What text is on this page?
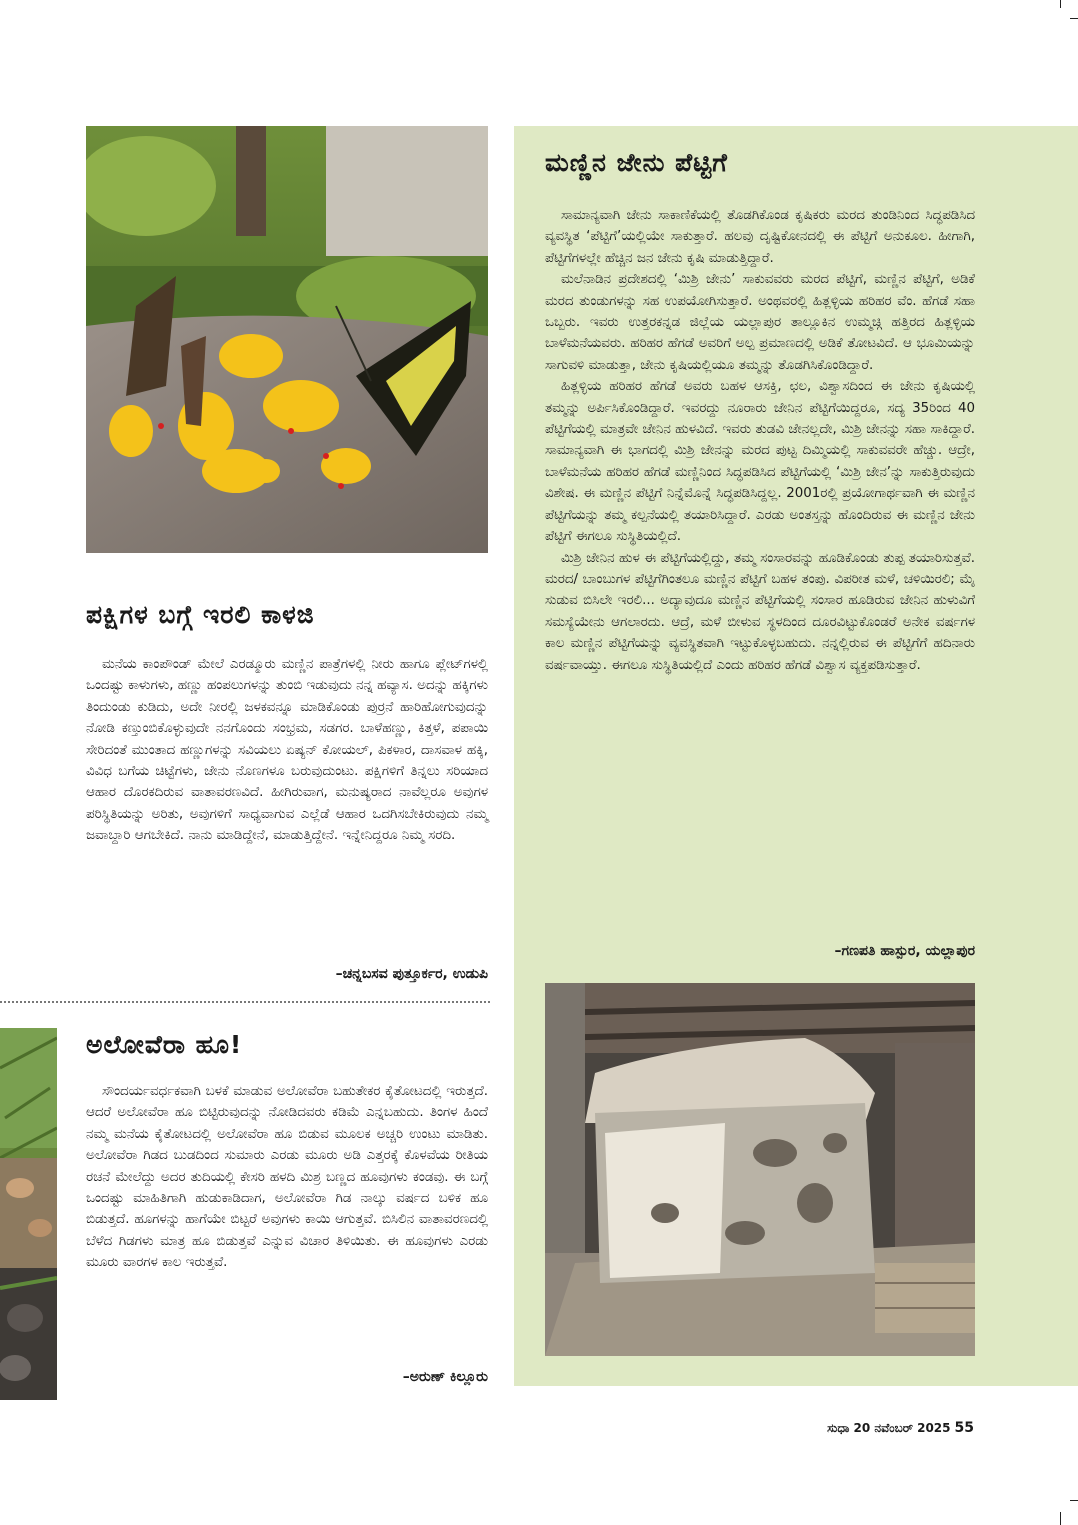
ಪಕ್ಷಿಗಳ ಬಗ್ಗೆ ಇರಲಿ ಕಾಳಜಿ

ಮನೆಯ ಕಾಂಪೌಂಡ್ ಮೇಲೆ ಎರಡ್ಮೂರು ಮಣ್ಣಿನ ಪಾತ್ರೆಗಳಲ್ಲಿ ನೀರು ಹಾಗೂ ಪ್ಲೇಟ್‌ಗಳಲ್ಲಿ ಒಂದಷ್ಟು ಕಾಳುಗಳು, ಹಣ್ಣು ಹಂಪಲುಗಳನ್ನು ತುಂಬಿ ಇಡುವುದು ನನ್ನ ಹವ್ಯಾಸ. ಅದನ್ನು ಹಕ್ಕಿಗಳು ತಿಂದುಂಡು ಕುಡಿದು, ಅದೇ ನೀರಲ್ಲಿ ಜಳಕವನ್ನೂ ಮಾಡಿಕೊಂಡು ಪುರ್ರನೆ ಹಾರಿಹೋಗುವುದನ್ನು ನೋಡಿ ಕಣ್ತುಂಬಿಕೊಳ್ಳುವುದೇ ನನಗೊಂದು ಸಂಭ್ರಮ, ಸಡಗರ. ಬಾಳೆಹಣ್ಣು, ಕಿತ್ತಳೆ, ಪಪಾಯಿ ಸೇರಿದಂತೆ ಮುಂತಾದ ಹಣ್ಣುಗಳನ್ನು ಸವಿಯಲು ಏಷ್ಯನ್ ಕೋಯಲ್, ಪಿಕಳಾರ, ದಾಸವಾಳ ಹಕ್ಕಿ, ವಿವಿಧ ಬಗೆಯ ಚಿಟ್ಟೆಗಳು, ಜೇನು ನೊಣಗಳೂ ಬರುವುದುಂಟು. ಪಕ್ಷಿಗಳಿಗೆ ತಿನ್ನಲು ಸರಿಯಾದ ಆಹಾರ ದೊರಕದಿರುವ ವಾತಾವರಣವಿದೆ. ಹೀಗಿರುವಾಗ, ಮನುಷ್ಯರಾದ ನಾವೆಲ್ಲರೂ ಅವುಗಳ ಪರಿಸ್ಥಿತಿಯನ್ನು ಅರಿತು, ಅವುಗಳಿಗೆ ಸಾಧ್ಯವಾಗುವ ಎಲ್ಲೆಡೆ ಆಹಾರ ಒದಗಿಸಬೇಕಿರುವುದು ನಮ್ಮ ಜವಾಬ್ದಾರಿ ಆಗಬೇಕಿದೆ. ನಾನು ಮಾಡಿದ್ದೇನೆ, ಮಾಡುತ್ತಿದ್ದೇನೆ. ಇನ್ನೇನಿದ್ದರೂ ನಿಮ್ಮ ಸರದಿ.

–ಚನ್ನಬಸವ ಪುತ್ತೂರ್ಕರ, ಉಡುಪಿ
ಅಲೋವೆರಾ ಹೂ!

ಸೌಂದರ್ಯವರ್ಧಕವಾಗಿ ಬಳಕೆ ಮಾಡುವ ಅಲೋವೆರಾ ಬಹುತೇಕರ ಕೈತೋಟದಲ್ಲಿ ಇರುತ್ತದೆ. ಆದರೆ ಅಲೋವೆರಾ ಹೂ ಬಿಟ್ಟಿರುವುದನ್ನು ನೋಡಿದವರು ಕಡಿಮೆ ಎನ್ನಬಹುದು. ತಿಂಗಳ ಹಿಂದೆ ನಮ್ಮ ಮನೆಯ ಕೈತೋಟದಲ್ಲಿ ಅಲೋವೆರಾ ಹೂ ಬಿಡುವ ಮೂಲಕ ಅಚ್ಚರಿ ಉಂಟು ಮಾಡಿತು. ಅಲೋವೆರಾ ಗಿಡದ ಬುಡದಿಂದ ಸುಮಾರು ಎರಡು ಮೂರು ಅಡಿ ಎತ್ತರಕ್ಕೆ ಕೊಳವೆಯ ರೀತಿಯ ರಚನೆ ಮೇಲೆದ್ದು ಅದರ ತುದಿಯಲ್ಲಿ ಕೇಸರಿ ಹಳದಿ ಮಿಶ್ರ ಬಣ್ಣದ ಹೂವುಗಳು ಕಂಡವು. ಈ ಬಗ್ಗೆ ಒಂದಷ್ಟು ಮಾಹಿತಿಗಾಗಿ ಹುಡುಕಾಡಿದಾಗ, ಅಲೋವೆರಾ ಗಿಡ ನಾಲ್ಕು ವರ್ಷದ ಬಳಿಕ ಹೂ ಬಿಡುತ್ತದೆ. ಹೂಗಳನ್ನು ಹಾಗೆಯೇ ಬಿಟ್ಟರೆ ಅವುಗಳು ಕಾಯಿ ಆಗುತ್ತವೆ. ಬಿಸಿಲಿನ ವಾತಾವರಣದಲ್ಲಿ ಬೆಳೆದ ಗಿಡಗಳು ಮಾತ್ರ ಹೂ ಬಿಡುತ್ತವೆ ಎನ್ನುವ ವಿಚಾರ ತಿಳಿಯಿತು. ಈ ಹೂವುಗಳು ಎರಡು ಮೂರು ವಾರಗಳ ಕಾಲ ಇರುತ್ತವೆ.

–ಅರುಣ್ ಕಿಲ್ಲೂರು
ಮಣ್ಣಿನ ಜೇನು ಪೆಟ್ಟಿಗೆ

ಸಾಮಾನ್ಯವಾಗಿ ಜೇನು ಸಾಕಾಣಿಕೆಯಲ್ಲಿ ತೊಡಗಿಕೊಂಡ ಕೃಷಿಕರು ಮರದ ತುಂಡಿನಿಂದ ಸಿದ್ಧಪಡಿಸಿದ ವ್ಯವಸ್ಥಿತ ‘ಪೆಟ್ಟಿಗೆ’ಯಲ್ಲಿಯೇ ಸಾಕುತ್ತಾರೆ. ಹಲವು ದೃಷ್ಟಿಕೋನದಲ್ಲಿ ಈ ಪೆಟ್ಟಿಗೆ ಅನುಕೂಲ. ಹೀಗಾಗಿ, ಪೆಟ್ಟಿಗೆಗಳಲ್ಲೇ ಹೆಚ್ಚಿನ ಜನ ಜೇನು ಕೃಷಿ ಮಾಡುತ್ತಿದ್ದಾರೆ.

ಮಲೆನಾಡಿನ ಪ್ರದೇಶದಲ್ಲಿ ‘ಮಿಶ್ರಿ ಜೇನು’ ಸಾಕುವವರು ಮರದ ಪೆಟ್ಟಿಗೆ, ಮಣ್ಣಿನ ಪೆಟ್ಟಿಗೆ, ಅಡಿಕೆ ಮರದ ತುಂಡುಗಳನ್ನು ಸಹ ಉಪಯೋಗಿಸುತ್ತಾರೆ. ಅಂಥವರಲ್ಲಿ ಹಿತ್ಲಳ್ಳಿಯ ಹರಿಹರ ವೆಂ. ಹೆಗಡೆ ಸಹಾ ಒಬ್ಬರು. ಇವರು ಉತ್ತರಕನ್ನಡ ಜಿಲ್ಲೆಯ ಯಲ್ಲಾಪುರ ತಾಲ್ಲೂಕಿನ ಉಮ್ಮಚ್ಗಿ ಹತ್ತಿರದ ಹಿತ್ಲಳ್ಳಿಯ ಬಾಳೆಮನೆಯವರು. ಹರಿಹರ ಹೆಗಡೆ ಅವರಿಗೆ ಅಲ್ಪ ಪ್ರಮಾಣದಲ್ಲಿ ಅಡಿಕೆ ತೋಟವಿದೆ. ಆ ಭೂಮಿಯನ್ನು ಸಾಗುವಳಿ ಮಾಡುತ್ತಾ, ಜೇನು ಕೃಷಿಯಲ್ಲಿಯೂ ತಮ್ಮನ್ನು ತೊಡಗಿಸಿಕೊಂಡಿದ್ದಾರೆ.

ಹಿತ್ಲಳ್ಳಿಯ ಹರಿಹರ ಹೆಗಡೆ ಅವರು ಬಹಳ ಆಸಕ್ತಿ, ಛಲ, ವಿಶ್ವಾಸದಿಂದ ಈ ಜೇನು ಕೃಷಿಯಲ್ಲಿ ತಮ್ಮನ್ನು ಅರ್ಪಿಸಿಕೊಂಡಿದ್ದಾರೆ. ಇವರದ್ದು ನೂರಾರು ಜೇನಿನ ಪೆಟ್ಟಿಗೆಯಿದ್ದರೂ, ಸದ್ಯ 35ರಿಂದ 40 ಪೆಟ್ಟಿಗೆಯಲ್ಲಿ ಮಾತ್ರವೇ ಜೇನಿನ ಹುಳವಿದೆ. ಇವರು ತುಡವಿ ಜೇನಲ್ಲದೇ, ಮಿಶ್ರಿ ಜೇನನ್ನು ಸಹಾ ಸಾಕಿದ್ದಾರೆ. ಸಾಮಾನ್ಯವಾಗಿ ಈ ಭಾಗದಲ್ಲಿ ಮಿಶ್ರಿ ಜೇನನ್ನು ಮರದ ಪುಟ್ಟ ದಿಮ್ಮಿಯಲ್ಲಿ ಸಾಕುವವರೇ ಹೆಚ್ಚು. ಆದ್ರೇ, ಬಾಳೆಮನೆಯ ಹರಿಹರ ಹೆಗಡೆ ಮಣ್ಣಿನಿಂದ ಸಿದ್ಧಪಡಿಸಿದ ಪೆಟ್ಟಿಗೆಯಲ್ಲಿ ‘ಮಿಶ್ರಿ ಜೇನ’ನ್ನು ಸಾಕುತ್ತಿರುವುದು ವಿಶೇಷ. ಈ ಮಣ್ಣಿನ ಪೆಟ್ಟಿಗೆ ನಿನ್ನೆಮೊನ್ನೆ ಸಿದ್ಧಪಡಿಸಿದ್ದಲ್ಲ. 2001ರಲ್ಲಿ ಪ್ರಯೋಗಾರ್ಥವಾಗಿ ಈ ಮಣ್ಣಿನ ಪೆಟ್ಟಿಗೆಯನ್ನು ತಮ್ಮ ಕಲ್ಪನೆಯಲ್ಲಿ ತಯಾರಿಸಿದ್ದಾರೆ. ಎರಡು ಅಂತಸ್ತನ್ನು ಹೊಂದಿರುವ ಈ ಮಣ್ಣಿನ ಜೇನು ಪೆಟ್ಟಿಗೆ ಈಗಲೂ ಸುಸ್ಥಿತಿಯಲ್ಲಿದೆ.

ಮಿಶ್ರಿ ಜೇನಿನ ಹುಳ ಈ ಪೆಟ್ಟಿಗೆಯಲ್ಲಿದ್ದು, ತಮ್ಮ ಸಂಸಾರವನ್ನು ಹೂಡಿಕೊಂಡು ತುಪ್ಪ ತಯಾರಿಸುತ್ತವೆ. ಮರದ/ ಬಾಂಬುಗಳ ಪೆಟ್ಟಿಗೆಗಿಂತಲೂ ಮಣ್ಣಿನ ಪೆಟ್ಟಿಗೆ ಬಹಳ ತಂಪು. ವಿಪರೀತ ಮಳೆ, ಚಳಿಯಿರಲಿ; ಮೈ ಸುಡುವ ಬಿಸಿಲೇ ಇರಲಿ... ಅದ್ಯಾವುದೂ ಮಣ್ಣಿನ ಪೆಟ್ಟಿಗೆಯಲ್ಲಿ ಸಂಸಾರ ಹೂಡಿರುವ ಜೇನಿನ ಹುಳುವಿಗೆ ಸಮಸ್ಯೆಯೇನು ಆಗಲಾರದು. ಆದ್ರೆ, ಮಳೆ ಬೀಳುವ ಸ್ಥಳದಿಂದ ದೂರವಿಟ್ಟುಕೊಂಡರೆ ಅನೇಕ ವರ್ಷಗಳ ಕಾಲ ಮಣ್ಣಿನ ಪೆಟ್ಟಿಗೆಯನ್ನು ವ್ಯವಸ್ಥಿತವಾಗಿ ಇಟ್ಟುಕೊಳ್ಳಬಹುದು. ನನ್ನಲ್ಲಿರುವ ಈ ಪೆಟ್ಟಿಗೆಗೆ ಹದಿನಾರು ವರ್ಷವಾಯ್ತು. ಈಗಲೂ ಸುಸ್ಥಿತಿಯಲ್ಲಿದೆ ಎಂದು ಹರಿಹರ ಹೆಗಡೆ ವಿಶ್ವಾಸ ವ್ಯಕ್ತಪಡಿಸುತ್ತಾರೆ.

–ಗಣಪತಿ ಹಾಸ್ಪುರ, ಯಲ್ಲಾಪುರ
ಸುಧಾ 20 ನವೆಂಬರ್ 2025 55
